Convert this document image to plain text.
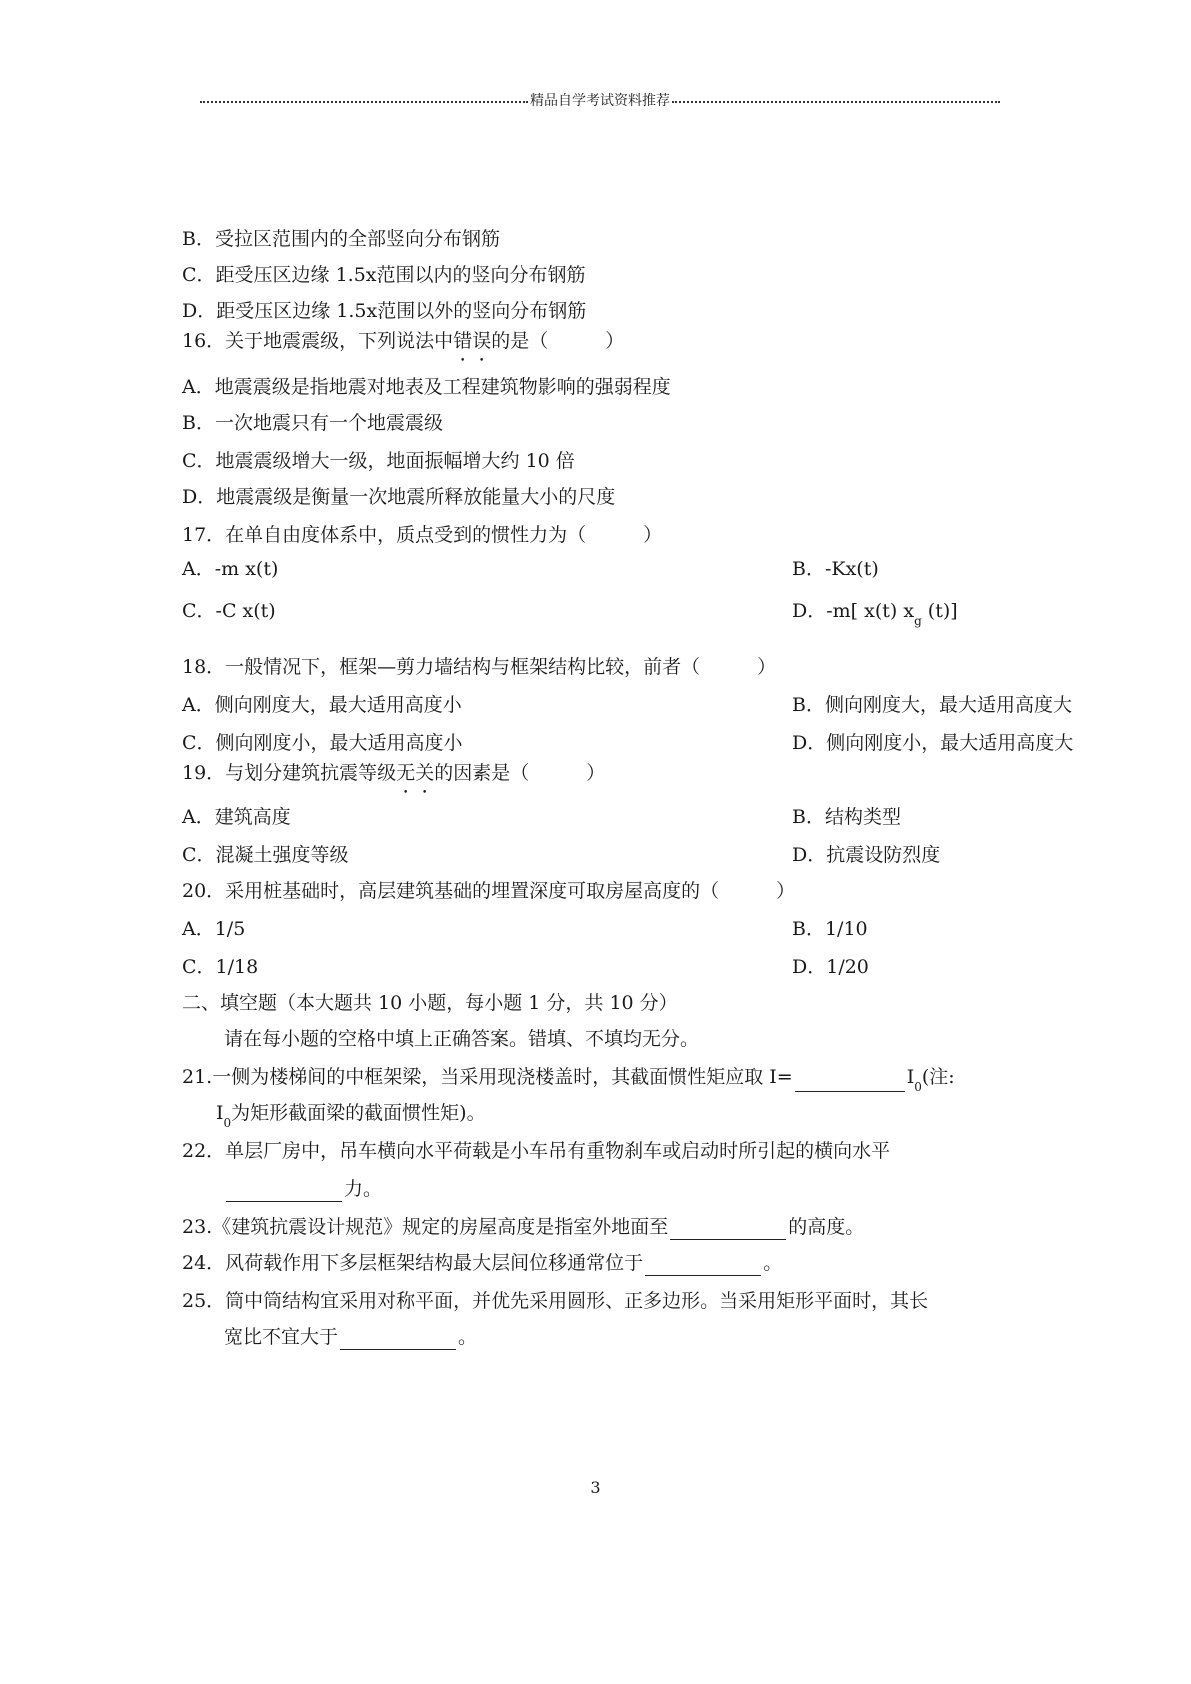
精品自学考试资料推荐
B．受拉区范围内的全部竖向分布钢筋
C．距受压区边缘 1.5x范围以内的竖向分布钢筋
D．距受压区边缘 1.5x范围以外的竖向分布钢筋
16．关于地震震级，下列说法中错误的是（　　　）
A．地震震级是指地震对地表及工程建筑物影响的强弱程度
B．一次地震只有一个地震震级
C．地震震级增大一级，地面振幅增大约 10 倍
D．地震震级是衡量一次地震所释放能量大小的尺度
17．在单自由度体系中，质点受到的惯性力为（　　　）
A．-m x(t)	B．-Kx(t)
C．-C x(t)	D．-m[ x(t) $x_g$ (t)]
18．一般情况下，框架—剪力墙结构与框架结构比较，前者（　　　）
A．侧向刚度大，最大适用高度小	B．侧向刚度大，最大适用高度大
C．侧向刚度小，最大适用高度小	D．侧向刚度小，最大适用高度大
19．与划分建筑抗震等级无关的因素是（　　　）
A．建筑高度	B．结构类型
C．混凝土强度等级	D．抗震设防烈度
20．采用桩基础时，高层建筑基础的埋置深度可取房屋高度的（　　　）
A．1/5	B．1/10
C．1/18	D．1/20
二、填空题（本大题共 10 小题，每小题 1 分，共 10 分）
请在每小题的空格中填上正确答案。错填、不填均无分。
21.一侧为楼梯间的中框架梁，当采用现浇楼盖时，其截面惯性矩应取 I=	$I_0$(注:
$I_0$为矩形截面梁的截面惯性矩)。
22．单层厂房中，吊车横向水平荷载是小车吊有重物刹车或启动时所引起的横向水平
力。
23.《建筑抗震设计规范》规定的房屋高度是指室外地面至	的高度。
24．风荷载作用下多层框架结构最大层间位移通常位于	。
25．筒中筒结构宜采用对称平面，并优先采用圆形、正多边形。当采用矩形平面时，其长
宽比不宜大于	。
3
